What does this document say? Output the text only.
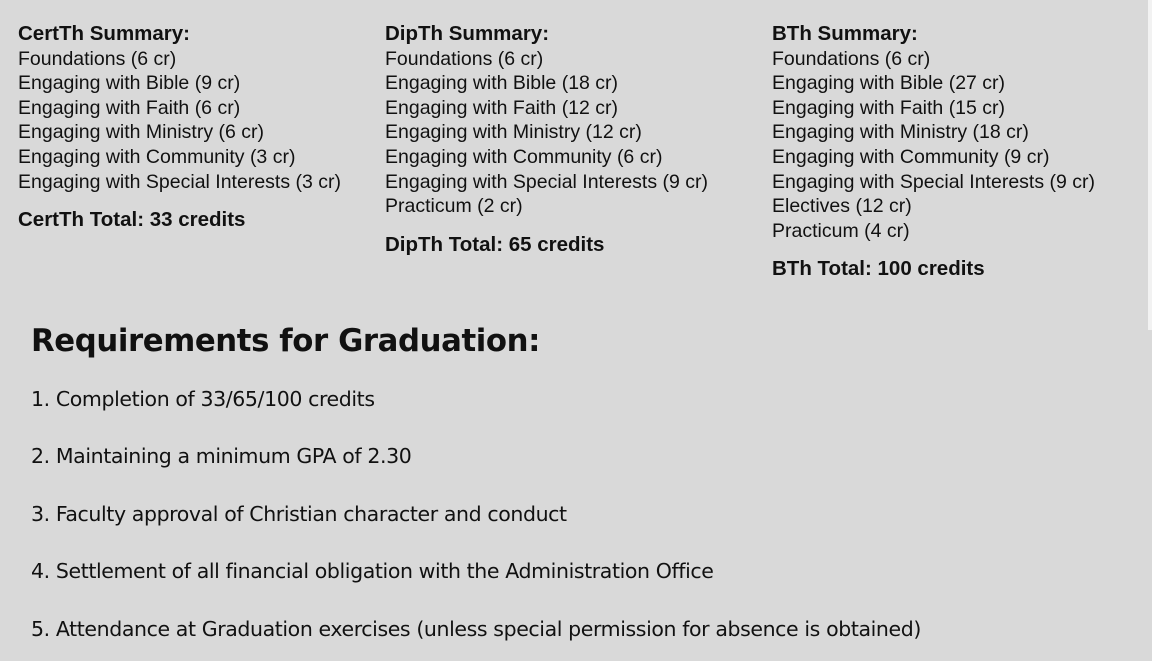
CertTh Summary:
Foundations (6 cr)
Engaging with Bible (9 cr)
Engaging with Faith (6 cr)
Engaging with Ministry (6 cr)
Engaging with Community (3 cr)
Engaging with Special Interests (3 cr)
CertTh Total: 33 credits
DipTh Summary:
Foundations (6 cr)
Engaging with Bible (18 cr)
Engaging with Faith (12 cr)
Engaging with Ministry (12 cr)
Engaging with Community (6 cr)
Engaging with Special Interests (9 cr)
Practicum (2 cr)
DipTh Total: 65 credits
BTh Summary:
Foundations (6 cr)
Engaging with Bible (27 cr)
Engaging with Faith (15 cr)
Engaging with Ministry (18 cr)
Engaging with Community (9 cr)
Engaging with Special Interests (9 cr)
Electives (12 cr)
Practicum (4 cr)
BTh Total: 100 credits
Requirements for Graduation:
1. Completion of 33/65/100 credits
2. Maintaining a minimum GPA of 2.30
3. Faculty approval of Christian character and conduct
4. Settlement of all financial obligation with the Administration Office
5. Attendance at Graduation exercises (unless special permission for absence is obtained)
